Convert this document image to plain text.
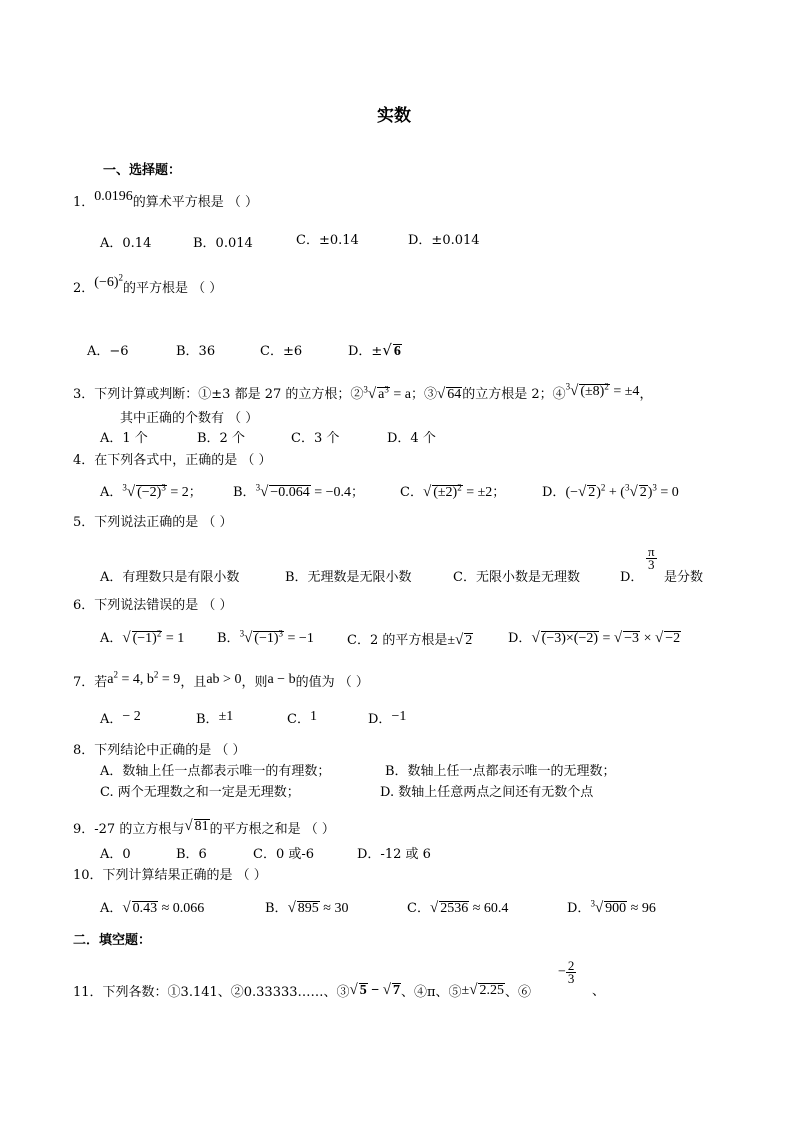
实数
一、选择题：
1．0.0196的算术平方根是 （ ）
A．0.14	B．0.014	C．±0.14	D．±0.014
2．$(-6)^2$的平方根是 （ ）
A．−6	B．36	C．±6	D．±√ 6
3．下列计算或判断：①±3 都是 27 的立方根；②$^3$√ $a^3 = a$；③√ 64的立方根是 2；④$^3$√ $(\pm 8)^2 = \pm 4$，
其中正确的个数有 （ ）
A．1 个	B．2 个	C．3 个	D．4 个
4．在下列各式中，正确的是 （ ）
A．$^3$√ $(-2)^3 = 2$； B．$^3$√ −0.064 = −0.4；	C．√ $(\pm 2)^2 = \pm 2$；	D．(−√ 2)$^2$ + ($^3$√ 2)$^3$ = 0
5．下列说法正确的是 （ ）
A．有理数只是有限小数	B．无理数是无限小数	C．无限小数是无理数	D．
$\frac{\pi}{3}$
是分数
6．下列说法错误的是 （ ）
A．√ $(-1)^2 = 1$	B．$^3$√ $(-1)^3 = -1$	C．2 的平方根是±√ 2	D．√ (−3)×(−2) = √ −3 × √ −2
7．若$a^2 = 4$, $b^2 = 9$，且ab > 0，则a − b的值为 （ ）
A．− 2	B．±1	C．1	D．−1
8．下列结论中正确的是 （ ）
A．数轴上任一点都表示唯一的有理数；	B．数轴上任一点都表示唯一的无理数；
C. 两个无理数之和一定是无理数；	D. 数轴上任意两点之间还有无数个点
9．-27 的立方根与√ 81的平方根之和是 （ ）
A．0	B．6	C．0 或-6	D．-12 或 6
10．下列计算结果正确的是 （ ）
A．√ 0.43 ≈ 0.066	B．√ 895 ≈ 30	C．√ 2536 ≈ 60.4	D．$^3$√ 900 ≈ 96
二．填空题：
11．下列各数：①3.141、②0.33333……、③√ 5 − √ 7、④π、⑤±√ 2.25、⑥
− $\frac{2}{3}$
、
